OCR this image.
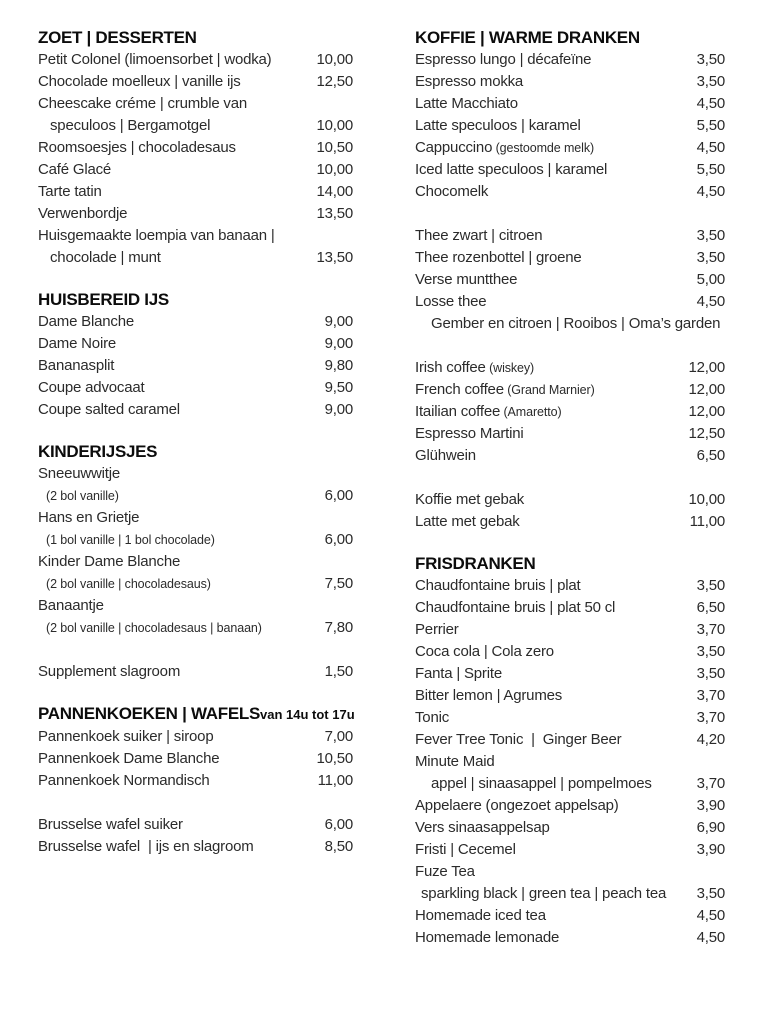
ZOET | DESSERTEN
Petit Colonel (limoensorbet | wodka)	10,00
Chocolade moelleux | vanille ijs	12,50
Cheescake créme | crumble van
speculoos | Bergamotgel	10,00
Roomsoesjes | chocoladesaus	10,50
Café Glacé	10,00
Tarte tatin	14,00
Verwenbordje	13,50
Huisgemaakte loempia van banaan |
chocolade | munt	13,50
HUISBEREID IJS
Dame Blanche	9,00
Dame Noire	9,00
Bananasplit	9,80
Coupe advocaat	9,50
Coupe salted caramel	9,00
KINDERIJSJES
Sneeuwwitje
(2 bol vanille)	6,00
Hans en Grietje
(1 bol vanille | 1 bol chocolade)	6,00
Kinder Dame Blanche
(2 bol vanille | chocoladesaus)	7,50
Banaantje
(2 bol vanille | chocoladesaus | banaan)	7,80
Supplement slagroom	1,50
PANNENKOEKEN | WAFELS van 14u tot 17u
Pannenkoek suiker | siroop	7,00
Pannenkoek Dame Blanche	10,50
Pannenkoek Normandisch	11,00
Brusselse wafel suiker	6,00
Brusselse wafel  | ijs en slagroom	8,50
KOFFIE | WARME DRANKEN
Espresso lungo | décafeïne	3,50
Espresso mokka	3,50
Latte Macchiato	4,50
Latte speculoos | karamel	5,50
Cappuccino (gestoomde melk)	4,50
Iced latte speculoos | karamel	5,50
Chocomelk	4,50
Thee zwart | citroen	3,50
Thee rozenbottel | groene	3,50
Verse muntthee	5,00
Losse thee	4,50
Gember en citroen | Rooibos | Oma’s garden
Irish coffee (wiskey)	12,00
French coffee (Grand Marnier)	12,00
Itailian coffee (Amaretto)	12,00
Espresso Martini	12,50
Glühwein	6,50
Koffie met gebak	10,00
Latte met gebak	11,00
FRISDRANKEN
Chaudfontaine bruis | plat	3,50
Chaudfontaine bruis | plat 50 cl	6,50
Perrier	3,70
Coca cola | Cola zero	3,50
Fanta | Sprite	3,50
Bitter lemon | Agrumes	3,70
Tonic	3,70
Fever Tree Tonic  |  Ginger Beer	4,20
Minute Maid
appel | sinaasappel | pompelmoes	3,70
Appelaere (ongezoet appelsap)	3,90
Vers sinaasappelsap	6,90
Fristi | Cecemel	3,90
Fuze Tea
sparkling black | green tea | peach tea	3,50
Homemade iced tea	4,50
Homemade lemonade	4,50
